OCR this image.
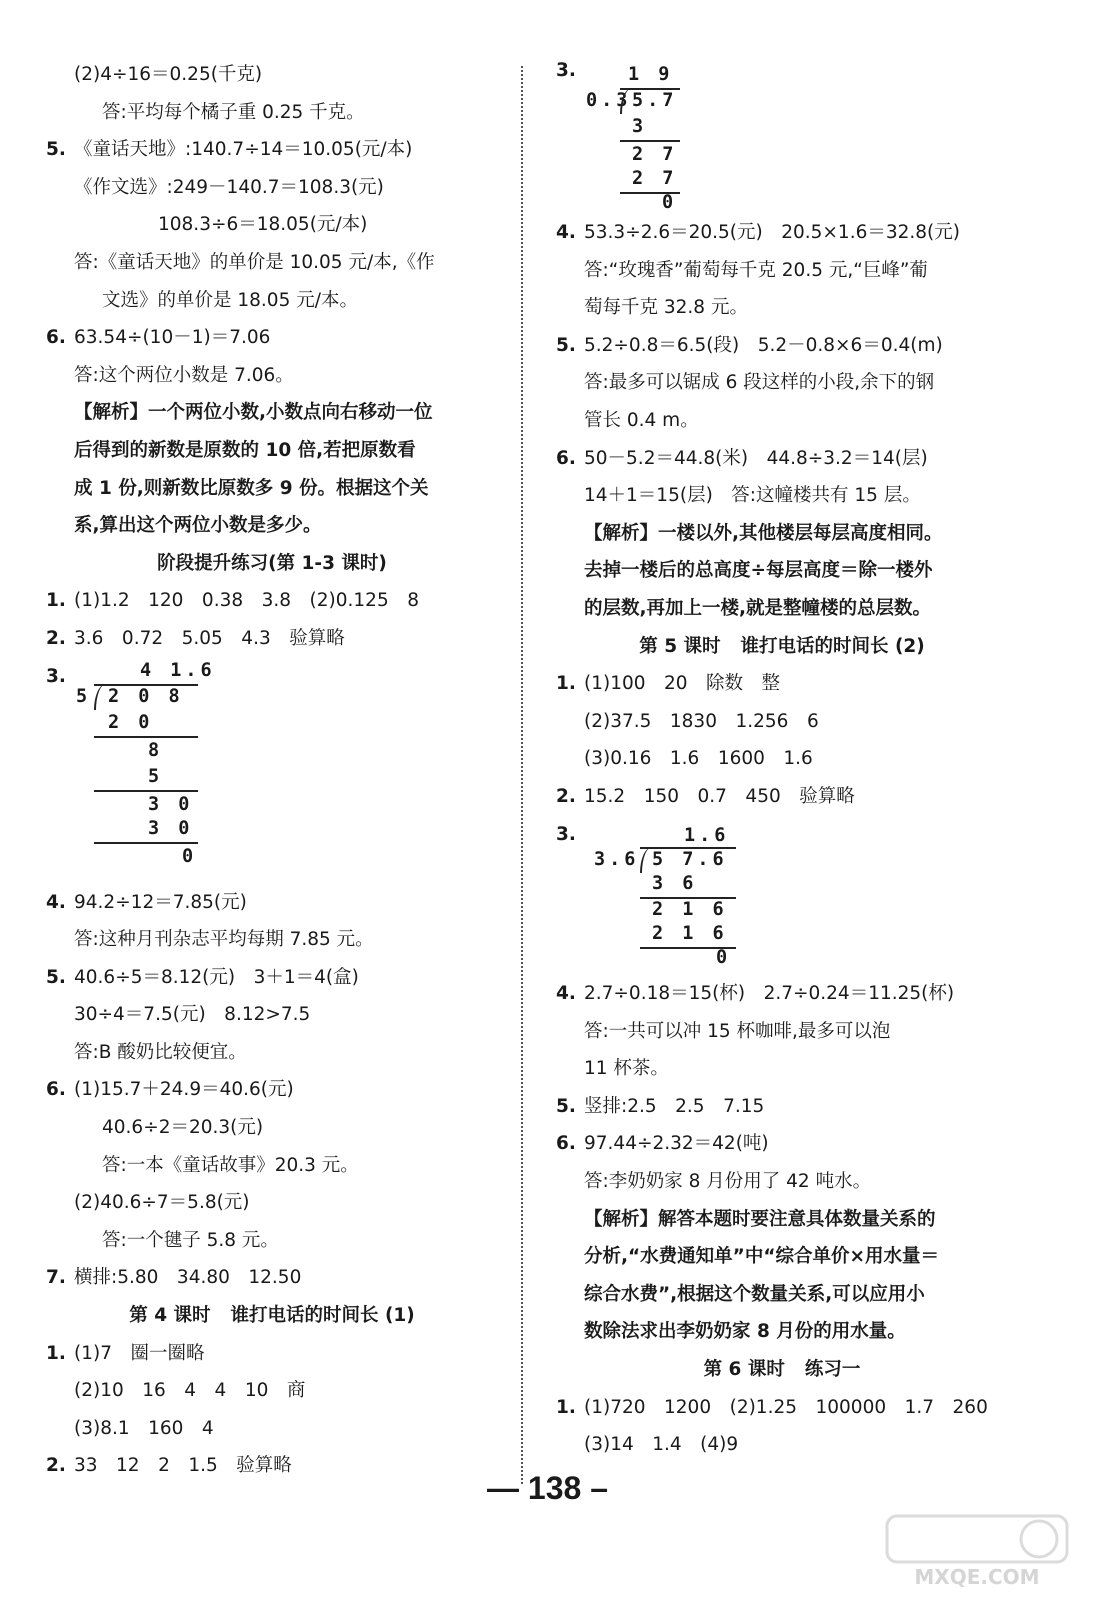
(2)4÷16＝0.25(千克)
答:平均每个橘子重 0.25 千克。
5. 《童话天地》:140.7÷14＝10.05(元/本)
《作文选》:249－140.7＝108.3(元)
108.3÷6＝18.05(元/本)
答:《童话天地》的单价是 10.05 元/本,《作
文选》的单价是 18.05 元/本。
6. 63.54÷(10－1)＝7.06
答:这个两位小数是 7.06。
【解析】一个两位小数,小数点向右移动一位
后得到的新数是原数的 10 倍,若把原数看
成 1 份,则新数比原数多 9 份。根据这个关
系,算出这个两位小数是多少。
阶段提升练习(第 1-3 课时)
1. (1)1.2　120　0.38　3.8　(2)0.125　8
2. 3.6　0.72　5.05　4.3　验算略
3.	4 1.6
5 2 0 8
2 0
8
5
3 0
3 0
0
4. 94.2÷12＝7.85(元)
答:这种月刊杂志平均每期 7.85 元。
5. 40.6÷5＝8.12(元)　3＋1＝4(盒)
30÷4＝7.5(元)　8.12>7.5
答:B 酸奶比较便宜。
6. (1)15.7＋24.9＝40.6(元)
40.6÷2＝20.3(元)
答:一本《童话故事》20.3 元。
(2)40.6÷7＝5.8(元)
答:一个毽子 5.8 元。
7. 横排:5.80　34.80　12.50
第 4 课时 谁打电话的时间长 (1)
1. (1)7　圈一圈略
(2)10　16　4　4　10　商
(3)8.1　160　4
2. 33　12　2　1.5　验算略
3.	1 9
0.3 5.7
3
2 7
2 7
0
4. 53.3÷2.6＝20.5(元)　20.5×1.6＝32.8(元)
答:“玫瑰香”葡萄每千克 20.5 元,“巨峰”葡
萄每千克 32.8 元。
5. 5.2÷0.8＝6.5(段)　5.2－0.8×6＝0.4(m)
答:最多可以锯成 6 段这样的小段,余下的钢
管长 0.4 m。
6. 50－5.2＝44.8(米)　44.8÷3.2＝14(层)
14＋1＝15(层)　答:这幢楼共有 15 层。
【解析】一楼以外,其他楼层每层高度相同。
去掉一楼后的总高度÷每层高度＝除一楼外
的层数,再加上一楼,就是整幢楼的总层数。
第 5 课时 谁打电话的时间长 (2)
1. (1)100　20　除数　整
(2)37.5　1830　1.256　6
(3)0.16　1.6　1600　1.6
2. 15.2　150　0.7　450　验算略
3.	1.6
3.6 5 7.6
3 6
2 1 6
2 1 6
0
4. 2.7÷0.18＝15(杯)　2.7÷0.24＝11.25(杯)
答:一共可以冲 15 杯咖啡,最多可以泡
11 杯茶。
5. 竖排:2.5　2.5　7.15
6. 97.44÷2.32＝42(吨)
答:李奶奶家 8 月份用了 42 吨水。
【解析】解答本题时要注意具体数量关系的
分析,“水费通知单”中“综合单价×用水量＝
综合水费”,根据这个数量关系,可以应用小
数除法求出李奶奶家 8 月份的用水量。
第 6 课时 练习一
1. (1)720　1200　(2)1.25　100000　1.7　260
(3)14　1.4　(4)9
— 138 –
MXQE.COM
